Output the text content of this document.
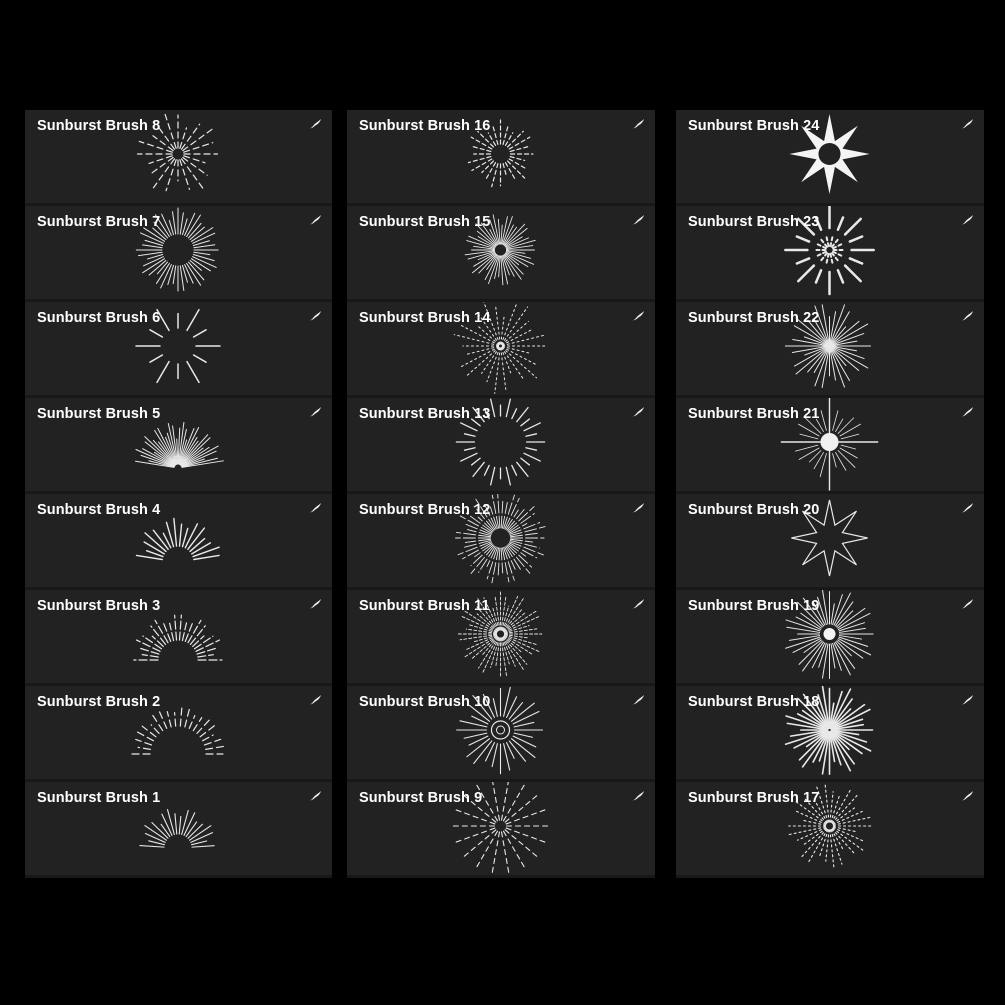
Sunburst Brush 8
Sunburst Brush 7
Sunburst Brush 6
Sunburst Brush 5
Sunburst Brush 4
Sunburst Brush 3
Sunburst Brush 2
Sunburst Brush 1
Sunburst Brush 16
Sunburst Brush 15
Sunburst Brush 14
Sunburst Brush 13
Sunburst Brush 12
Sunburst Brush 11
Sunburst Brush 10
Sunburst Brush 9
Sunburst Brush 24
Sunburst Brush 23
Sunburst Brush 22
Sunburst Brush 21
Sunburst Brush 20
Sunburst Brush 19
Sunburst Brush 18
Sunburst Brush 17
